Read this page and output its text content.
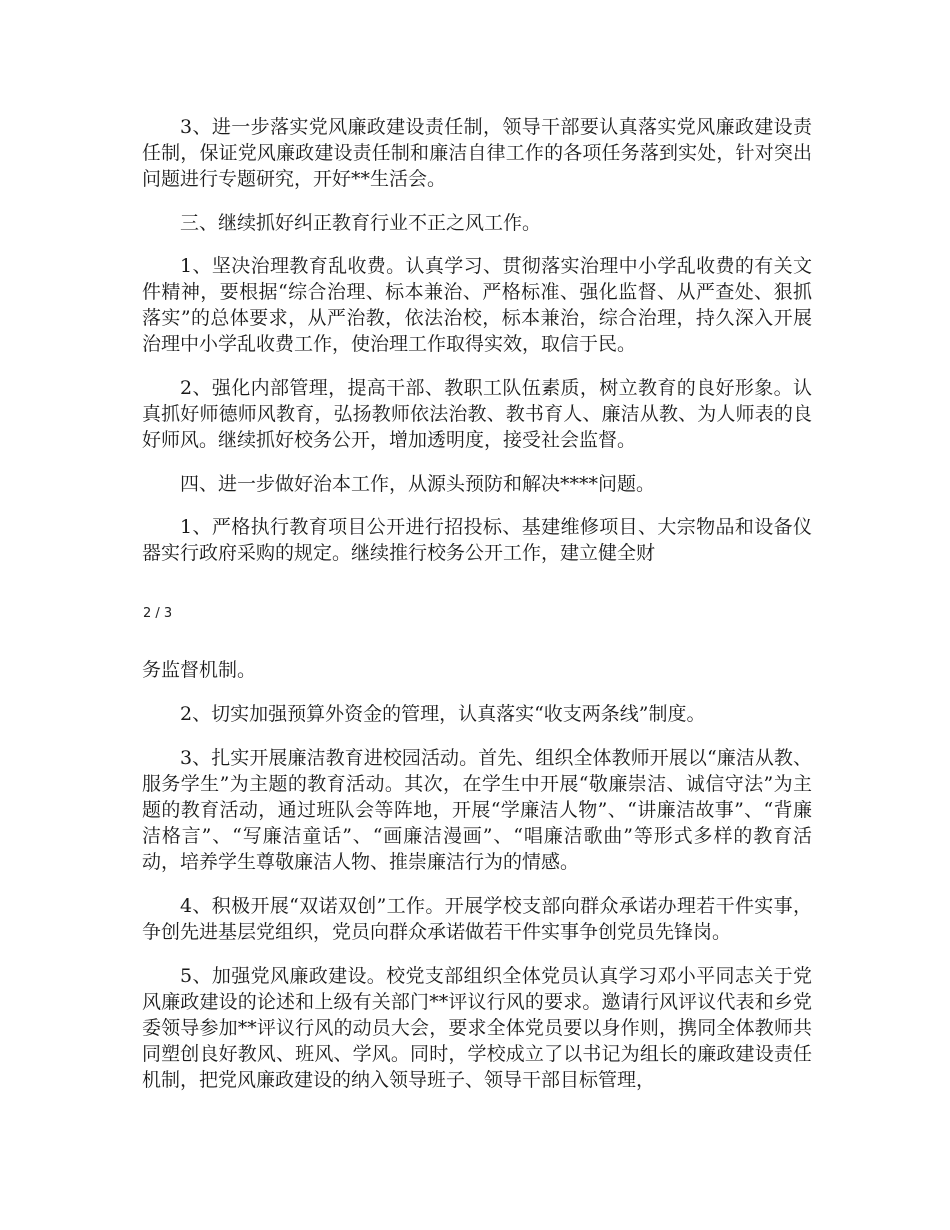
3、进一步落实党风廉政建设责任制，领导干部要认真落实党风廉政建设责任制，保证党风廉政建设责任制和廉洁自律工作的各项任务落到实处，针对突出问题进行专题研究，开好**生活会。

三、继续抓好纠正教育行业不正之风工作。

1、坚决治理教育乱收费。认真学习、贯彻落实治理中小学乱收费的有关文件精神，要根据“综合治理、标本兼治、严格标准、强化监督、从严查处、狠抓落实”的总体要求，从严治教，依法治校，标本兼治，综合治理，持久深入开展治理中小学乱收费工作，使治理工作取得实效，取信于民。

2、强化内部管理，提高干部、教职工队伍素质，树立教育的良好形象。认真抓好师德师风教育，弘扬教师依法治教、教书育人、廉洁从教、为人师表的良好师风。继续抓好校务公开，增加透明度，接受社会监督。

四、进一步做好治本工作，从源头预防和解决****问题。

1、严格执行教育项目公开进行招投标、基建维修项目、大宗物品和设备仪器实行政府采购的规定。继续推行校务公开工作，建立健全财

2 / 3

务监督机制。

2、切实加强预算外资金的管理，认真落实“收支两条线”制度。

3、扎实开展廉洁教育进校园活动。首先、组织全体教师开展以“廉洁从教、服务学生”为主题的教育活动。其次，在学生中开展“敬廉崇洁、诚信守法”为主题的教育活动，通过班队会等阵地，开展“学廉洁人物”、“讲廉洁故事”、“背廉洁格言”、“写廉洁童话”、“画廉洁漫画”、“唱廉洁歌曲”等形式多样的教育活动，培养学生尊敬廉洁人物、推崇廉洁行为的情感。

4、积极开展“双诺双创”工作。开展学校支部向群众承诺办理若干件实事，争创先进基层党组织，党员向群众承诺做若干件实事争创党员先锋岗。

5、加强党风廉政建设。校党支部组织全体党员认真学习邓小平同志关于党风廉政建设的论述和上级有关部门**评议行风的要求。邀请行风评议代表和乡党委领导参加**评议行风的动员大会，要求全体党员要以身作则，携同全体教师共同塑创良好教风、班风、学风。同时，学校成立了以书记为组长的廉政建设责任机制，把党风廉政建设的纳入领导班子、领导干部目标管理，
